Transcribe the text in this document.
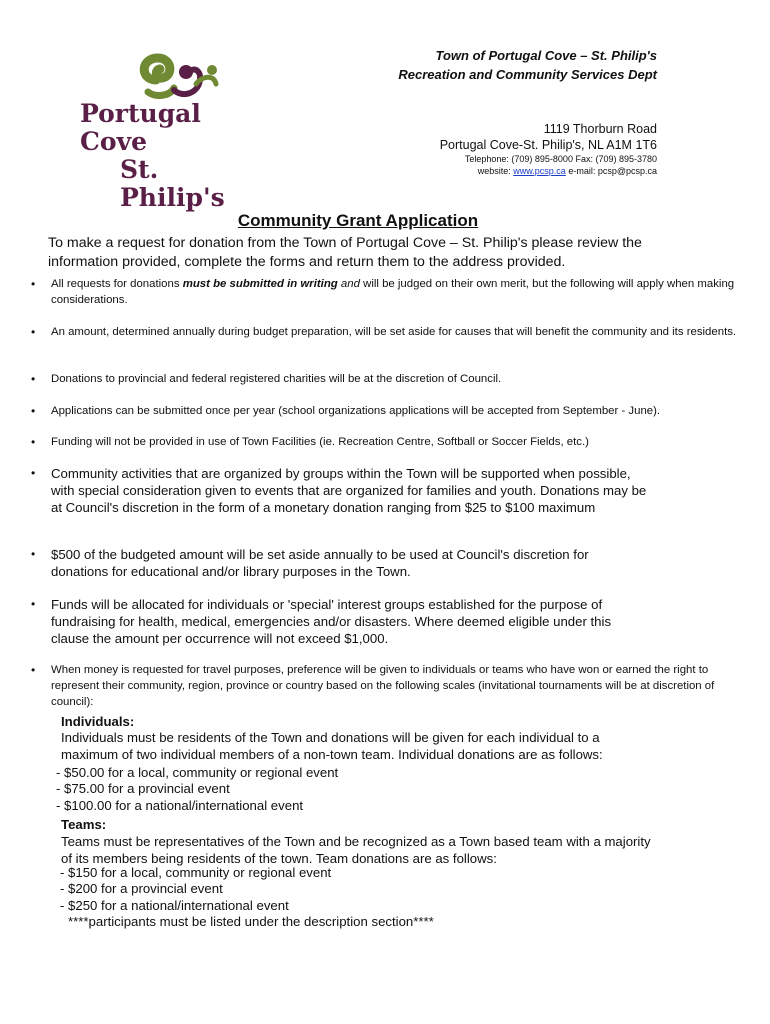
Portugal Cove
St. Philip's
Town of Portugal Cove – St. Philip's
Recreation and Community Services Dept
1119 Thorburn Road
Portugal Cove-St. Philip's, NL A1M 1T6
Telephone: (709) 895-8000 Fax: (709) 895-3780
website: www.pcsp.ca e-mail: pcsp@pcsp.ca
Community Grant Application
To make a request for donation from the Town of Portugal Cove – St. Philip's please review the information provided, complete the forms and return them to the address provided.
• All requests for donations must be submitted in writing and will be judged on their own merit, but the following will apply when making considerations.
• An amount, determined annually during budget preparation, will be set aside for causes that will benefit the community and its residents.
• Donations to provincial and federal registered charities will be at the discretion of Council.
• Applications can be submitted once per year (school organizations applications will be accepted from September - June).
• Funding will not be provided in use of Town Facilities (ie. Recreation Centre, Softball or Soccer Fields, etc.)
• Community activities that are organized by groups within the Town will be supported when possible, with special consideration given to events that are organized for families and youth. Donations may be at Council's discretion in the form of a monetary donation ranging from $25 to $100 maximum
• $500 of the budgeted amount will be set aside annually to be used at Council's discretion for donations for educational and/or library purposes in the Town.
• Funds will be allocated for individuals or 'special' interest groups established for the purpose of fundraising for health, medical, emergencies and/or disasters. Where deemed eligible under this clause the amount per occurrence will not exceed $1,000.
• When money is requested for travel purposes, preference will be given to individuals or teams who have won or earned the right to represent their community, region, province or country based on the following scales (invitational tournaments will be at discretion of council):
Individuals:
Individuals must be residents of the Town and donations will be given for each individual to a maximum of two individual members of a non-town team. Individual donations are as follows:
- $50.00 for a local, community or regional event
- $75.00 for a provincial event
- $100.00 for a national/international event
Teams:
Teams must be representatives of the Town and be recognized as a Town based team with a majority of its members being residents of the town. Team donations are as follows:
- $150 for a local, community or regional event
- $200 for a provincial event
- $250 for a national/international event
****participants must be listed under the description section****
